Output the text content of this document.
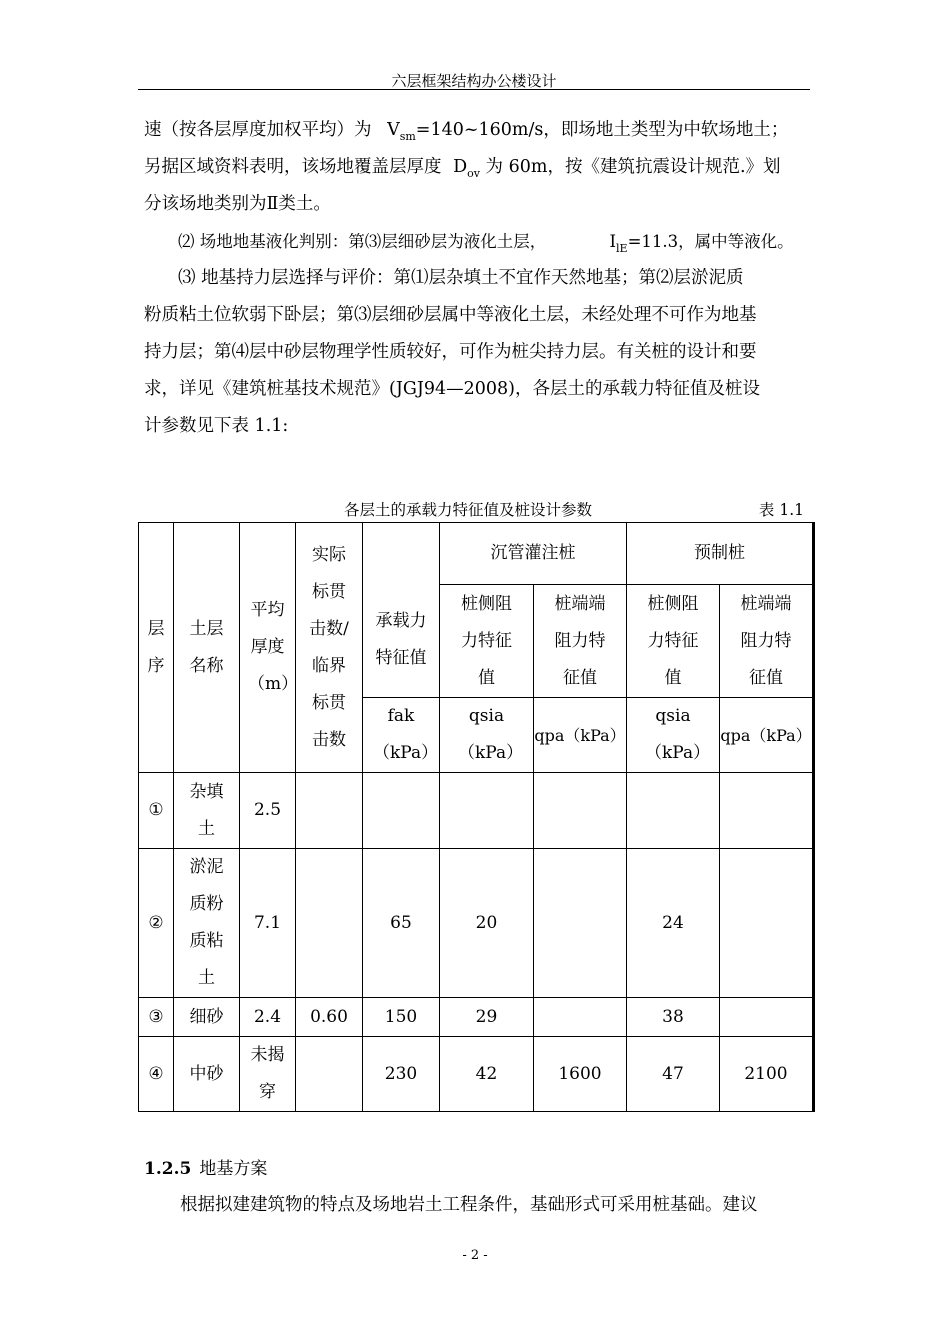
六层框架结构办公楼设计
速（按各层厚度加权平均）为 $V_{sm}=140\sim 160m/s$，即场地土类型为中软场地土；
另据区域资料表明，该场地覆盖层厚度 $D_{ov}$ 为 60m，按《建筑抗震设计规范.》划
分该场地类别为Ⅱ类土。
⑵ 场地地基液化判别：第⑶层细砂层为液化土层，	$I_{lE}=11.3$，属中等液化。
⑶ 地基持力层选择与评价：第⑴层杂填土不宜作天然地基；第⑵层淤泥质
粉质粘土位软弱下卧层；第⑶层细砂层属中等液化土层，未经处理不可作为地基
持力层；第⑷层中砂层物理学性质较好，可作为桩尖持力层。有关桩的设计和要
求，详见《建筑桩基技术规范》(JGJ94—2008)，各层土的承载力特征值及桩设
计参数见下表 1.1:
各层土的承载力特征值及桩设计参数	表 1.1
层序	土层名称	平均厚度（m）	实际标贯击数/临界标贯击数	承载力特征值	沉管灌注桩		预制桩	
					桩侧阻力特征值	桩端端阻力特征值	桩侧阻力特征值	桩端端阻力特征值
				fak（kPa）	qsia（kPa）	qpa（kPa）	qsia（kPa）	qpa（kPa）
①	杂填土	2.5						
②	淤泥质粉质粘土	7.1		65	20		24	
③	细砂	2.4	0.60	150	29		38	
④	中砂	未揭穿		230	42	1600	47	2100
1.2.5 地基方案
根据拟建建筑物的特点及场地岩土工程条件，基础形式可采用桩基础。建议
- 2 -
